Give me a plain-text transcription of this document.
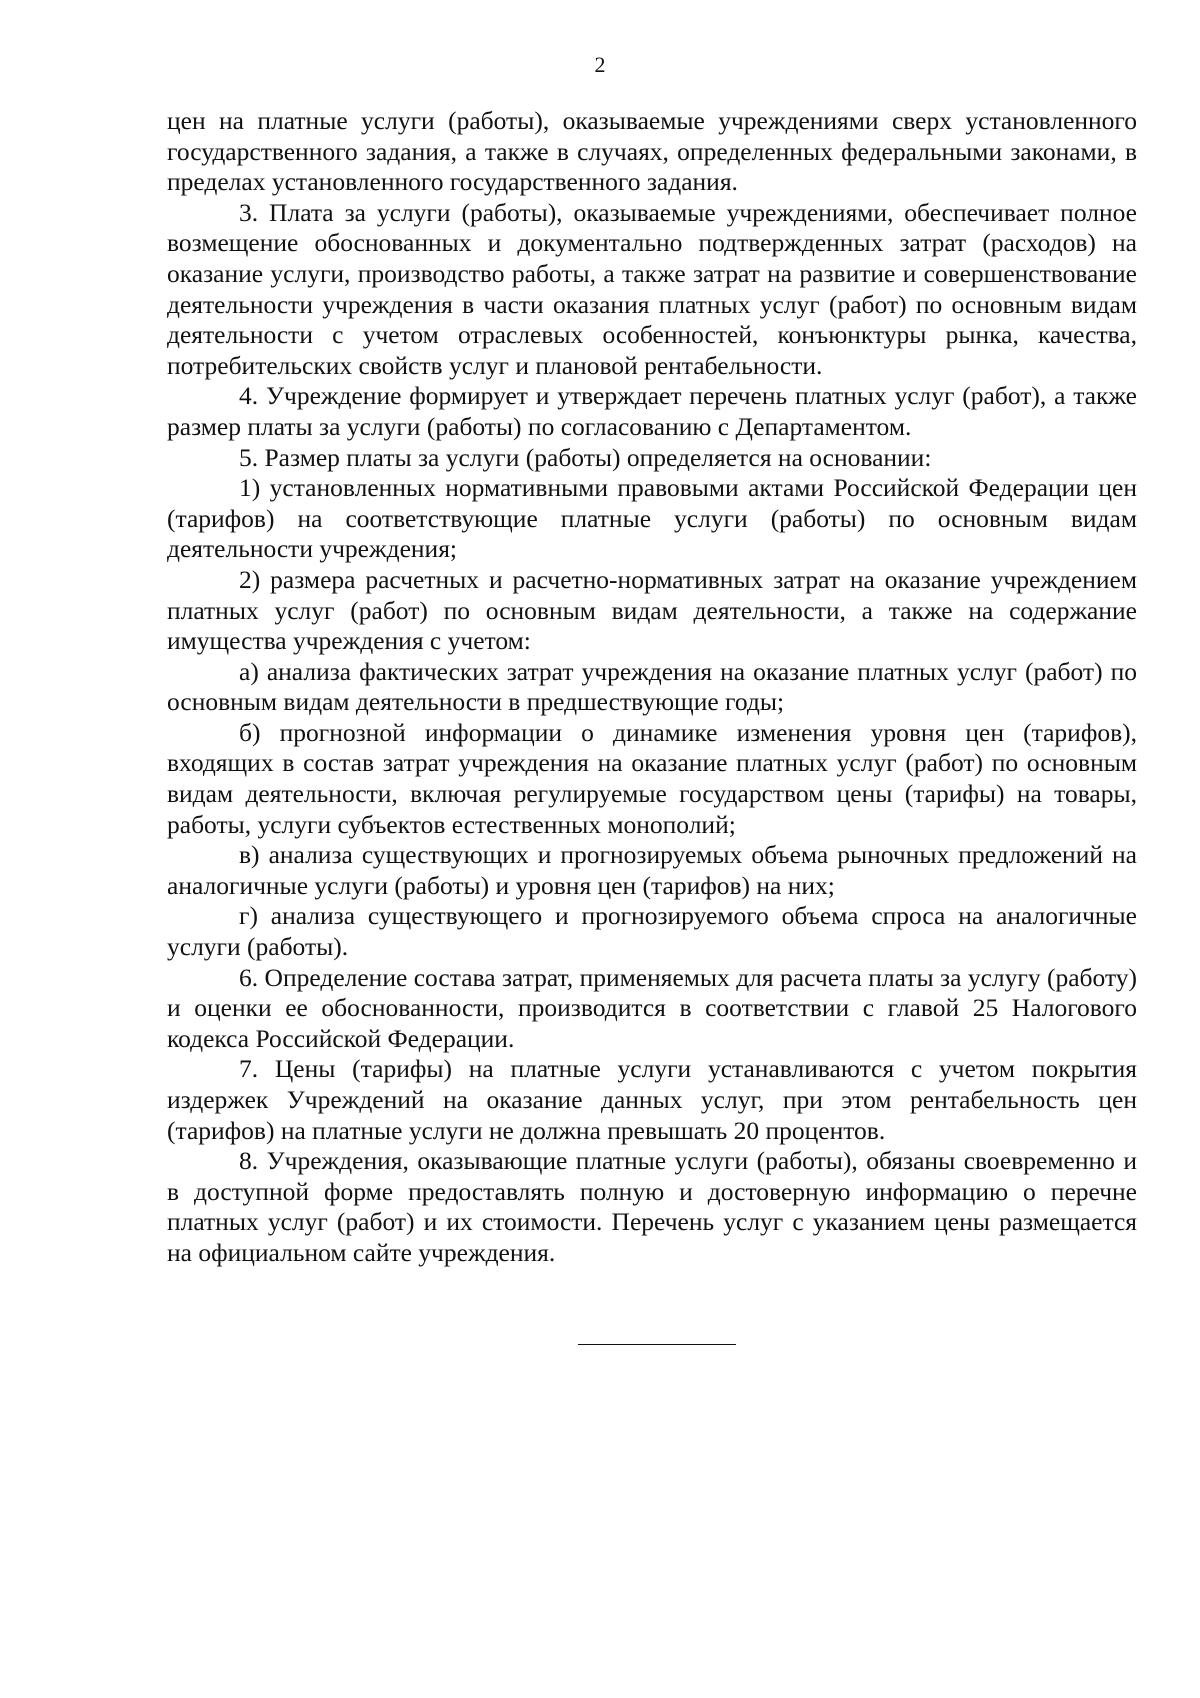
2

цен на платные услуги (работы), оказываемые учреждениями сверх установленного государственного задания, а также в случаях, определенных федеральными законами, в пределах установленного государственного задания.

3. Плата за услуги (работы), оказываемые учреждениями, обеспечивает полное возмещение обоснованных и документально подтвержденных затрат (расходов) на оказание услуги, производство работы, а также затрат на развитие и совершенствование деятельности учреждения в части оказания платных услуг (работ) по основным видам деятельности с учетом отраслевых особенностей, конъюнктуры рынка, качества, потребительских свойств услуг и плановой рентабельности.

4. Учреждение формирует и утверждает перечень платных услуг (работ), а также размер платы за услуги (работы) по согласованию с Департаментом.

5. Размер платы за услуги (работы) определяется на основании:

1) установленных нормативными правовыми актами Российской Федерации цен (тарифов) на соответствующие платные услуги (работы) по основным видам деятельности учреждения;

2) размера расчетных и расчетно-нормативных затрат на оказание учреждением платных услуг (работ) по основным видам деятельности, а также на содержание имущества учреждения с учетом:

а) анализа фактических затрат учреждения на оказание платных услуг (работ) по основным видам деятельности в предшествующие годы;

б) прогнозной информации о динамике изменения уровня цен (тарифов), входящих в состав затрат учреждения на оказание платных услуг (работ) по основным видам деятельности, включая регулируемые государством цены (тарифы) на товары, работы, услуги субъектов естественных монополий;

в) анализа существующих и прогнозируемых объема рыночных предложений на аналогичные услуги (работы) и уровня цен (тарифов) на них;

г) анализа существующего и прогнозируемого объема спроса на аналогичные услуги (работы).

6. Определение состава затрат, применяемых для расчета платы за услугу (работу) и оценки ее обоснованности, производится в соответствии с главой 25 Налогового кодекса Российской Федерации.

7. Цены (тарифы) на платные услуги устанавливаются с учетом покрытия издержек Учреждений на оказание данных услуг, при этом рентабельность цен (тарифов) на платные услуги не должна превышать 20 процентов.

8. Учреждения, оказывающие платные услуги (работы), обязаны своевременно и в доступной форме предоставлять полную и достоверную информацию о перечне платных услуг (работ) и их стоимости. Перечень услуг с указанием цены размещается на официальном сайте учреждения.
